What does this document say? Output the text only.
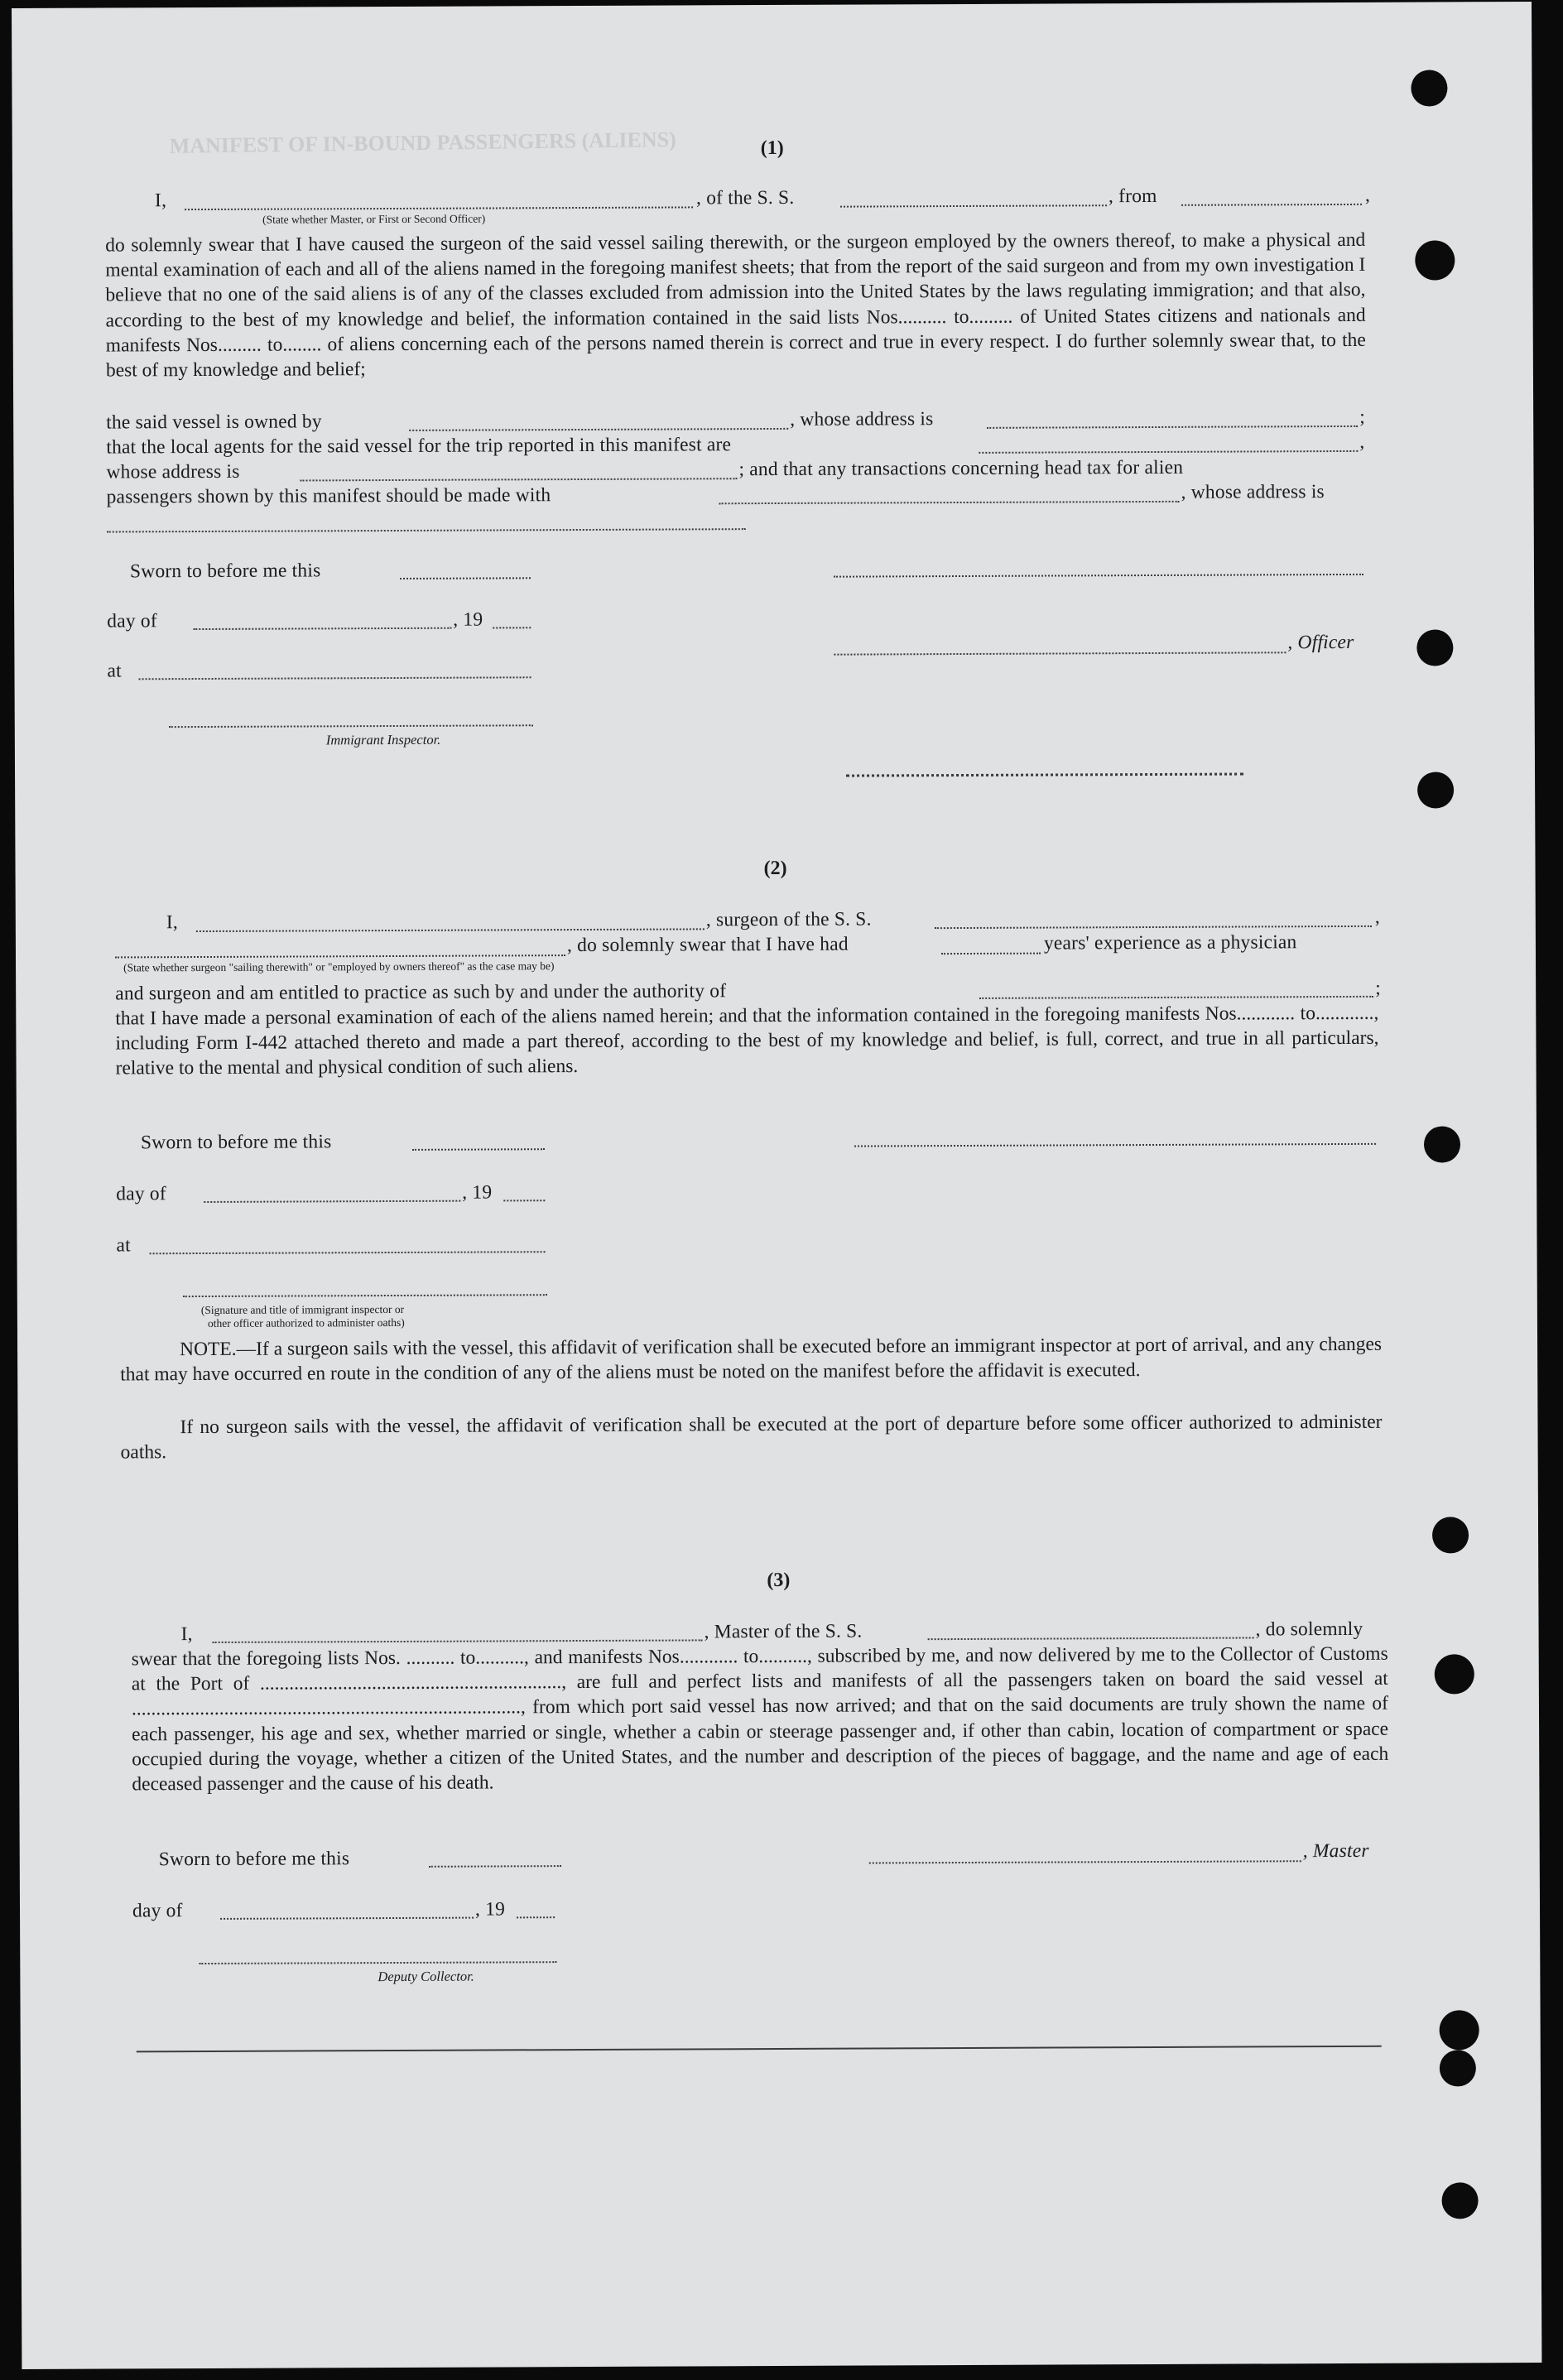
MANIFEST OF IN-BOUND PASSENGERS (ALIENS)	(1)
I,	, of the S. S.	, from	,
(State whether Master, or First or Second Officer)
do solemnly swear that I have caused the surgeon of the said vessel sailing therewith, or the surgeon employed by the owners thereof, to make a physical and mental examination of each and all of the aliens named in the foregoing manifest sheets; that from the report of the said surgeon and from my own investigation I believe that no one of the said aliens is of any of the classes excluded from admission into the United States by the laws regulating immigration; and that also, according to the best of my knowledge and belief, the information contained in the said lists Nos.......... to......... of United States citizens and nationals and manifests Nos......... to........ of aliens concerning each of the persons named therein is correct and true in every respect. I do further solemnly swear that, to the best of my knowledge and belief;
the said vessel is owned by	, whose address is	;
that the local agents for the said vessel for the trip reported in this manifest are	,
whose address is	; and that any transactions concerning head tax for alien
passengers shown by this manifest should be made with	, whose address is
Sworn to before me this
day of	, 19
at
, Officer
Immigrant Inspector.
(2)
I,	, surgeon of the S. S.	,
, do solemnly swear that I have had	years' experience as a physician
(State whether surgeon "sailing therewith" or "employed by owners thereof" as the case may be)
and surgeon and am entitled to practice as such by and under the authority of	;
that I have made a personal examination of each of the aliens named herein; and that the information contained in the foregoing manifests Nos............ to............, including Form I-442 attached thereto and made a part thereof, according to the best of my knowledge and belief, is full, correct, and true in all particulars, relative to the mental and physical condition of such aliens.
Sworn to before me this
day of	, 19
at
(Signature and title of immigrant inspector or
other officer authorized to administer oaths)
NOTE.—If a surgeon sails with the vessel, this affidavit of verification shall be executed before an immigrant inspector at port of arrival, and any changes that may have occurred en route in the condition of any of the aliens must be noted on the manifest before the affidavit is executed.
If no surgeon sails with the vessel, the affidavit of verification shall be executed at the port of departure before some officer authorized to administer oaths.
(3)
I,	, Master of the S. S.	, do solemnly
swear that the foregoing lists Nos. .......... to.........., and manifests Nos............ to.........., subscribed by me, and now delivered by me to the Collector of Customs at the Port of .............................................................., are full and perfect lists and manifests of all the passengers taken on board the said vessel at ................................................................................, from which port said vessel has now arrived; and that on the said documents are truly shown the name of each passenger, his age and sex, whether married or single, whether a cabin or steerage passenger and, if other than cabin, location of compartment or space occupied during the voyage, whether a citizen of the United States, and the number and description of the pieces of baggage, and the name and age of each deceased passenger and the cause of his death.
Sworn to before me this	, Master
day of	, 19
Deputy Collector.
